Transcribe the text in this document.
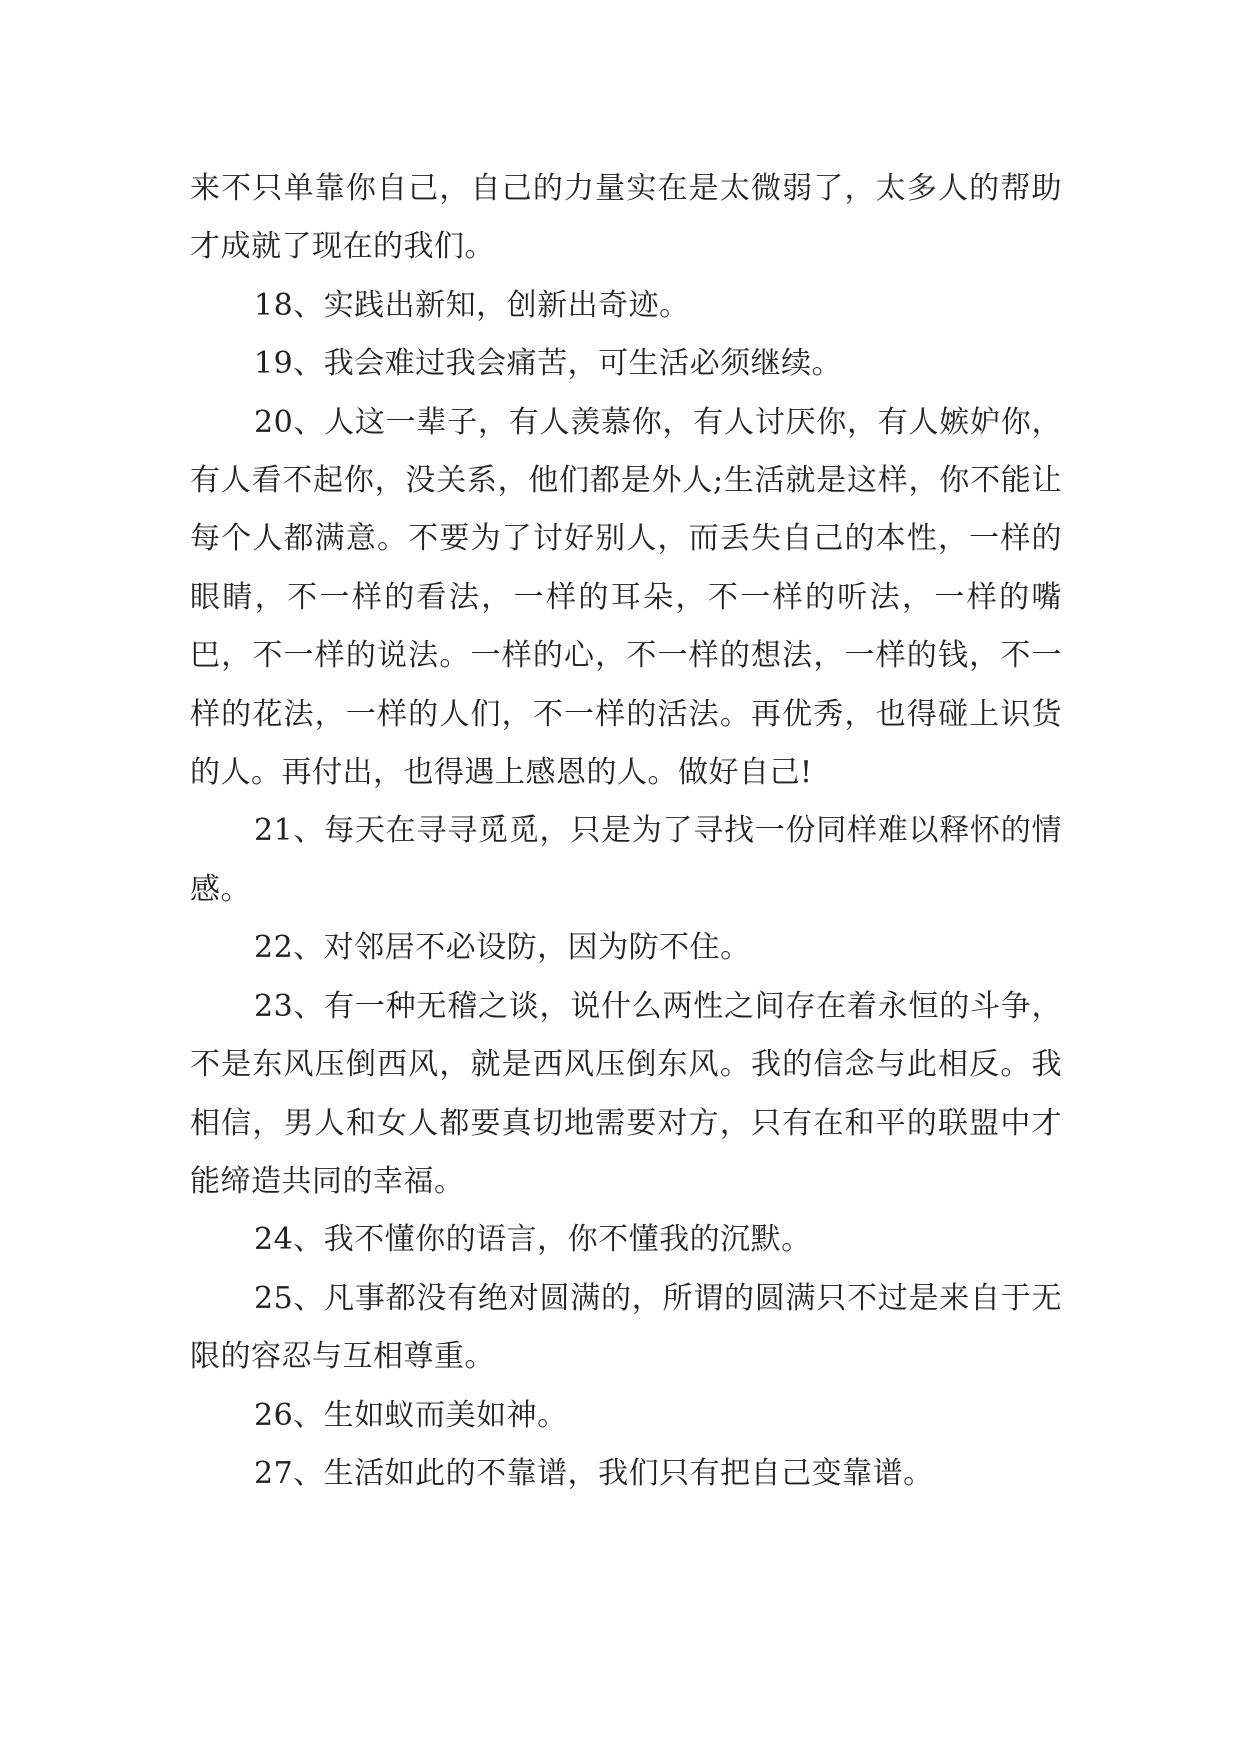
来不只单靠你自己，自己的力量实在是太微弱了，太多人的帮助才成就了现在的我们。

18、实践出新知，创新出奇迹。

19、我会难过我会痛苦，可生活必须继续。

20、人这一辈子，有人羡慕你，有人讨厌你，有人嫉妒你，有人看不起你，没关系，他们都是外人;生活就是这样，你不能让每个人都满意。不要为了讨好别人，而丢失自己的本性，一样的眼睛，不一样的看法，一样的耳朵，不一样的听法，一样的嘴巴，不一样的说法。一样的心，不一样的想法，一样的钱，不一样的花法，一样的人们，不一样的活法。再优秀，也得碰上识货的人。再付出，也得遇上感恩的人。做好自己!

21、每天在寻寻觅觅，只是为了寻找一份同样难以释怀的情感。

22、对邻居不必设防，因为防不住。

23、有一种无稽之谈，说什么两性之间存在着永恒的斗争，不是东风压倒西风，就是西风压倒东风。我的信念与此相反。我相信，男人和女人都要真切地需要对方，只有在和平的联盟中才能缔造共同的幸福。

24、我不懂你的语言，你不懂我的沉默。

25、凡事都没有绝对圆满的，所谓的圆满只不过是来自于无限的容忍与互相尊重。

26、生如蚁而美如神。

27、生活如此的不靠谱，我们只有把自己变靠谱。
